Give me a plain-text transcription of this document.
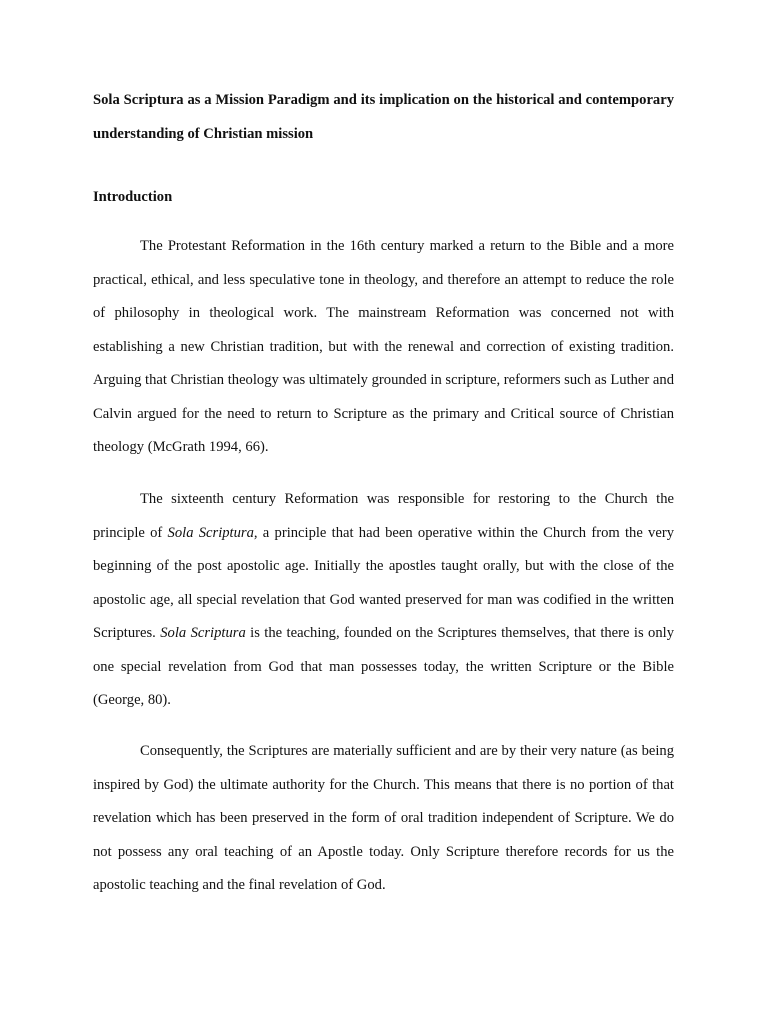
Sola Scriptura as a Mission Paradigm and its implication on the historical and contemporary understanding of Christian mission

Introduction

The Protestant Reformation in the 16th century marked a return to the Bible and a more practical, ethical, and less speculative tone in theology, and therefore an attempt to reduce the role of philosophy in theological work. The mainstream Reformation was concerned not with establishing a new Christian tradition, but with the renewal and correction of existing tradition. Arguing that Christian theology was ultimately grounded in scripture, reformers such as Luther and Calvin argued for the need to return to Scripture as the primary and Critical source of Christian theology (McGrath 1994, 66).

The sixteenth century Reformation was responsible for restoring to the Church the principle of Sola Scriptura, a principle that had been operative within the Church from the very beginning of the post apostolic age. Initially the apostles taught orally, but with the close of the apostolic age, all special revelation that God wanted preserved for man was codified in the written Scriptures. Sola Scriptura is the teaching, founded on the Scriptures themselves, that there is only one special revelation from God that man possesses today, the written Scripture or the Bible (George, 80).

Consequently, the Scriptures are materially sufficient and are by their very nature (as being inspired by God) the ultimate authority for the Church. This means that there is no portion of that revelation which has been preserved in the form of oral tradition independent of Scripture. We do not possess any oral teaching of an Apostle today. Only Scripture therefore records for us the apostolic teaching and the final revelation of God.
